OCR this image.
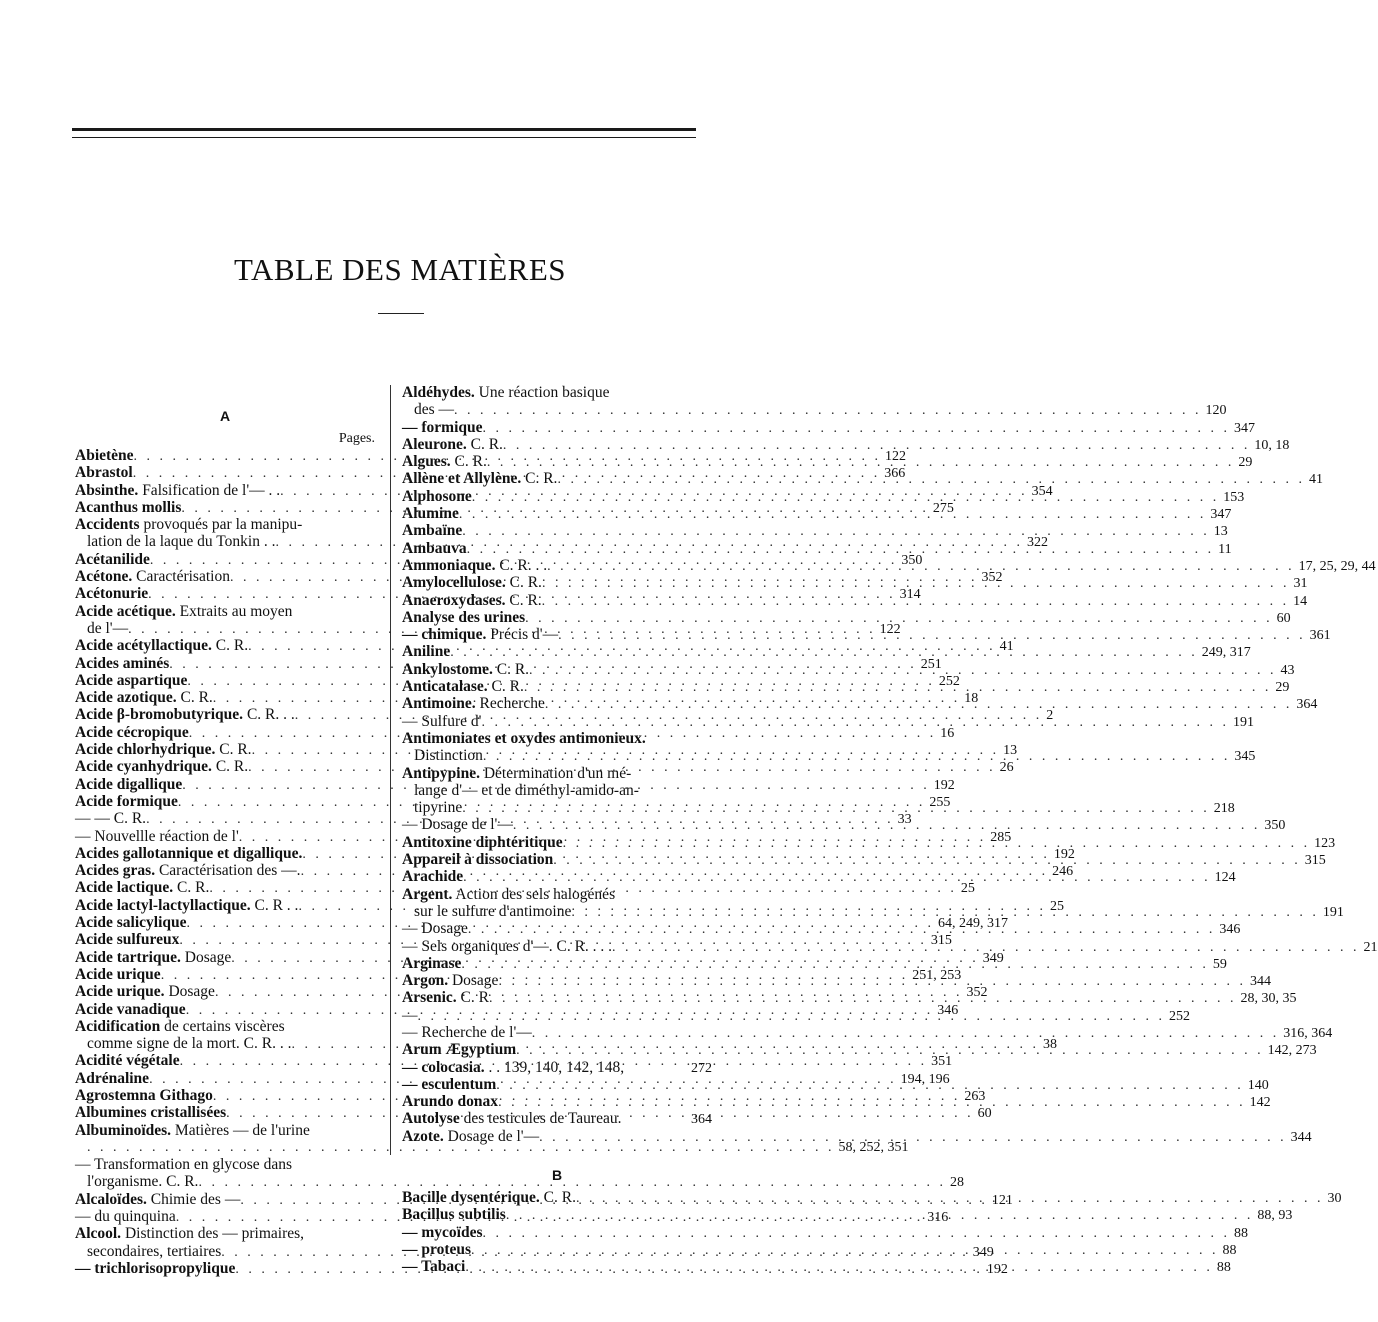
TABLE DES MATIÈRES
A
Pages.
Abietène . . .	122
Abrastol . . .	366
Absinthe. Falsification de l'— . . . . .	354
Acanthus mollis . . .	275
Accidents provoqués par la manipu-
lation de la laque du Tonkin . . . . .	322
Acétanilide . . .	350
Acétone. Caractérisation . . .	352
Acétonurie . . .	314
Acide acétique. Extraits au moyen
de l'— . . .	122
Acide acétyllactique. C. R. . . .	41
Acides aminés . . .	251
Acide aspartique . . .	252
Acide azotique. C. R. . . .	18
Acide β-bromobutyrique. C. R. . . . . .	2
Acide cécropique . . .	16
Acide chlorhydrique. C. R. . . .	13
Acide cyanhydrique. C. R. . . .	26
Acide digallique . . .	192
Acide formique . . .	255
— — C. R. . . .	33
— Nouvellle réaction de l' . . .	285
Acides gallotannique et digallique. . . .	192
Acides gras. Caractérisation des —. . . .	246
Acide lactique. C. R. . . .	25
Acide lactyl-lactyllactique. C. R . . . . .	25
Acide salicylique . . .	64, 249, 317
Acide sulfureux . . .	315
Acide tartrique. Dosage . . .	349
Acide urique . . .	251, 253
Acide urique. Dosage . . .	352
Acide vanadique . . .	346
Acidification de certains viscères
comme signe de la mort. C. R. . . . . .	38
Acidité végétale . . .	351
Adrénaline . . .	194, 196
Agrostemna Githago . . .	263
Albumines cristallisées . . .	60
Albuminoïdes. Matières — de l'urine
. . .
58, 252, 351
— Transformation en glycose dans
l'organisme. C. R. . . .	28
Alcaloïdes. Chimie des — . . .	121
— du quinquina . . .	316
Alcool. Distinction des — primaires,
secondaires, tertiaires . . .	349
— trichlorisopropylique . . .	192
Aldéhydes. Une réaction basique
des — . . .	120
— formique . . .	347
Aleurone. C. R. . . .	10, 18
Algues. C. R. . . .	29
Allène et Allylène. C. R. . . .	41
Alphosone . . .	153
Alumine . . .	347
Ambaïne . . .	13
Ambauva . . .	11
Ammoniaque. C. R. . . . . .	17, 25, 29, 44
Amylocellulose. C. R. . . .	31
Anaeroxydases. C. R. . . .	14
Analyse des urines . . .	60
— chimique. Précis d'— . . .	361
Aniline . . .	249, 317
Ankylostome. C. R. . . .	43
Anticatalase. C. R. . . .	29
Antimoine. Recherche . . .	364
— Sulfure d' . . .	191
Antimoniates et oxydes antimonieux.
Distinction . . .	345
Antipypine. Détermination d'un mé-
lange d'— et de diméthyl-amido-an-
tipyrine . . .	218
— Dosage de l'— . . .	350
Antitoxine diphtéritique . . .	123
Appareil à dissociation . . .	315
Arachide . . .	124
Argent. Action des sels halogénés
sur le sulfure d'antimoine . . .	191
— Dosage . . .	346
— Sels organiques d'—. C. R. . . . . . .	21
Arginase . . .	59
Argon. Dosage . . .	344
Arsenic. C. R . . .	28, 30, 35
— . . .	252
— Recherche de l'— . . .	316, 364
Arum Ægyptium . . .	142, 273
— colocasia. . . 139, 140, 142, 148,	272
— esculentum . . .	140
Arundo donax . . .	142
Autolyse des testicules de Taureau.	364
Azote. Dosage de l'— . . .	344
B
Bacille dysentérique. C. R. . . .	30
Bacillus subtilis . . .	88, 93
— mycoïdes . . .	88
— proteus . . .	88
— Tabaci . . .	88
